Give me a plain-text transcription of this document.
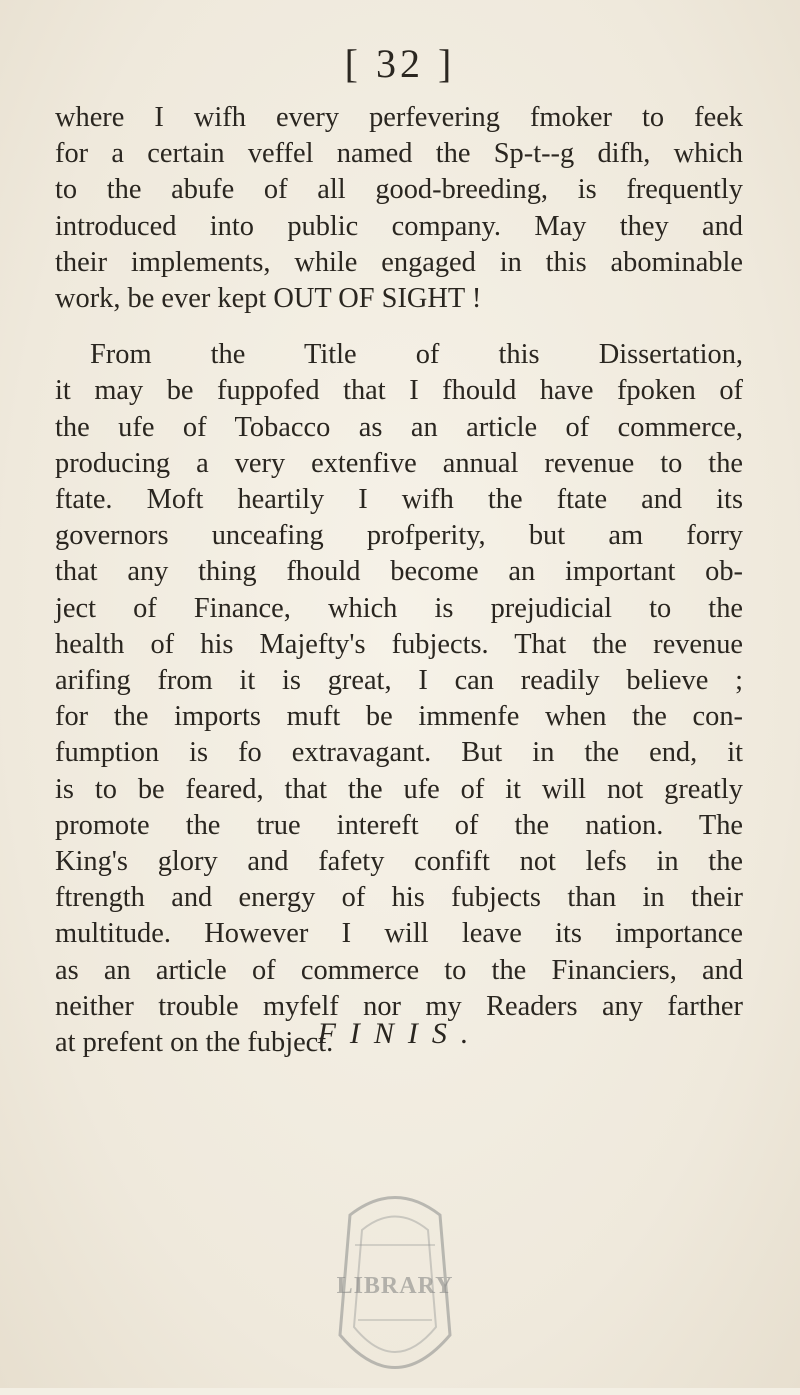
[ 32 ]
where I wifh every perfevering fmoker to feek
for a certain veffel named the Sp-t--g difh, which
to the abufe of all good-breeding, is frequently
introduced into public company. May they and
their implements, while engaged in this abominable
work, be ever kept OUT OF SIGHT !
From the Title of this Dissertation,
it may be fuppofed that I fhould have fpoken of
the ufe of Tobacco as an article of commerce,
producing a very extenfive annual revenue to the
ftate. Moft heartily I wifh the ftate and its
governors unceafing profperity, but am forry
that any thing fhould become an important ob-
ject of Finance, which is prejudicial to the
health of his Majefty's fubjects. That the revenue
arifing from it is great, I can readily believe ;
for the imports muft be immenfe when the con-
fumption is fo extravagant. But in the end, it
is to be feared, that the ufe of it will not greatly
promote the true intereft of the nation. The
King's glory and fafety confift not lefs in the
ftrength and energy of his fubjects than in their
multitude. However I will leave its importance
as an article of commerce to the Financiers, and
neither trouble myfelf nor my Readers any farther
at prefent on the fubject.
FINIS.
LIBRARY
